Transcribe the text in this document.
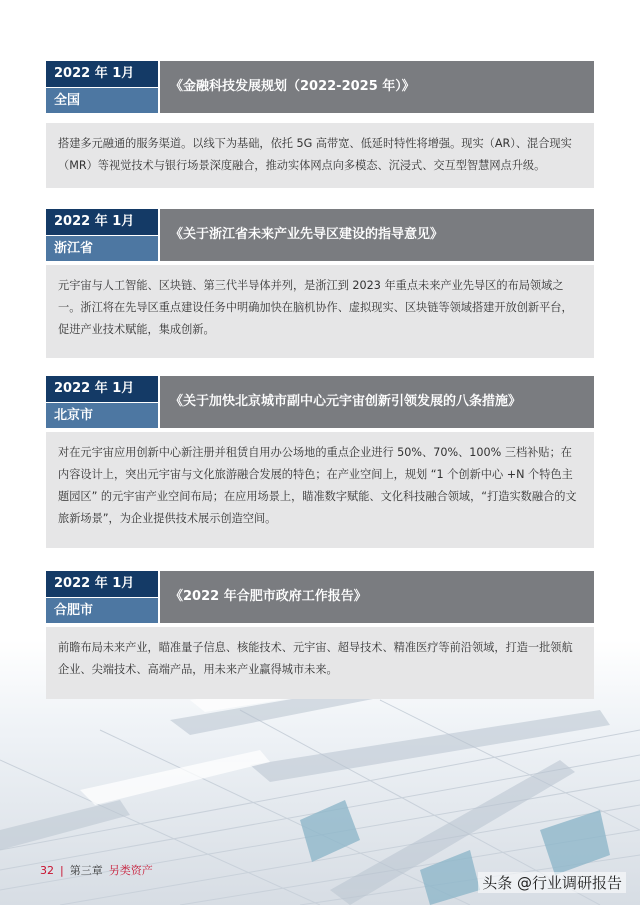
2022 年 1月
全国
《金融科技发展规划（2022-2025 年）》
搭建多元融通的服务渠道。以线下为基础，依托 5G 高带宽、低延时特性将增强。现实（AR）、混合现实（MR）等视觉技术与银行场景深度融合，推动实体网点向多模态、沉浸式、交互型智慧网点升级。
2022 年 1月
浙江省
《关于浙江省未来产业先导区建设的指导意见》
元宇宙与人工智能、区块链、第三代半导体并列，是浙江到 2023 年重点未来产业先导区的布局领域之一。浙江将在先导区重点建设任务中明确加快在脑机协作、虚拟现实、区块链等领域搭建开放创新平台，促进产业技术赋能，集成创新。
2022 年 1月
北京市
《关于加快北京城市副中心元宇宙创新引领发展的八条措施》
对在元宇宙应用创新中心新注册并租赁自用办公场地的重点企业进行 50%、70%、100% 三档补贴；在内容设计上，突出元宇宙与文化旅游融合发展的特色；在产业空间上，规划 “1 个创新中心 +N 个特色主题园区” 的元宇宙产业空间布局；在应用场景上，瞄准数字赋能、文化科技融合领域，“打造实数融合的文旅新场景”，为企业提供技术展示创造空间。
2022 年 1月
合肥市
《2022 年合肥市政府工作报告》
前瞻布局未来产业，瞄准量子信息、核能技术、元宇宙、超导技术、精准医疗等前沿领域，打造一批领航企业、尖端技术、高端产品，用未来产业赢得城市未来。
32 | 第三章 另类资产
头条 @行业调研报告
